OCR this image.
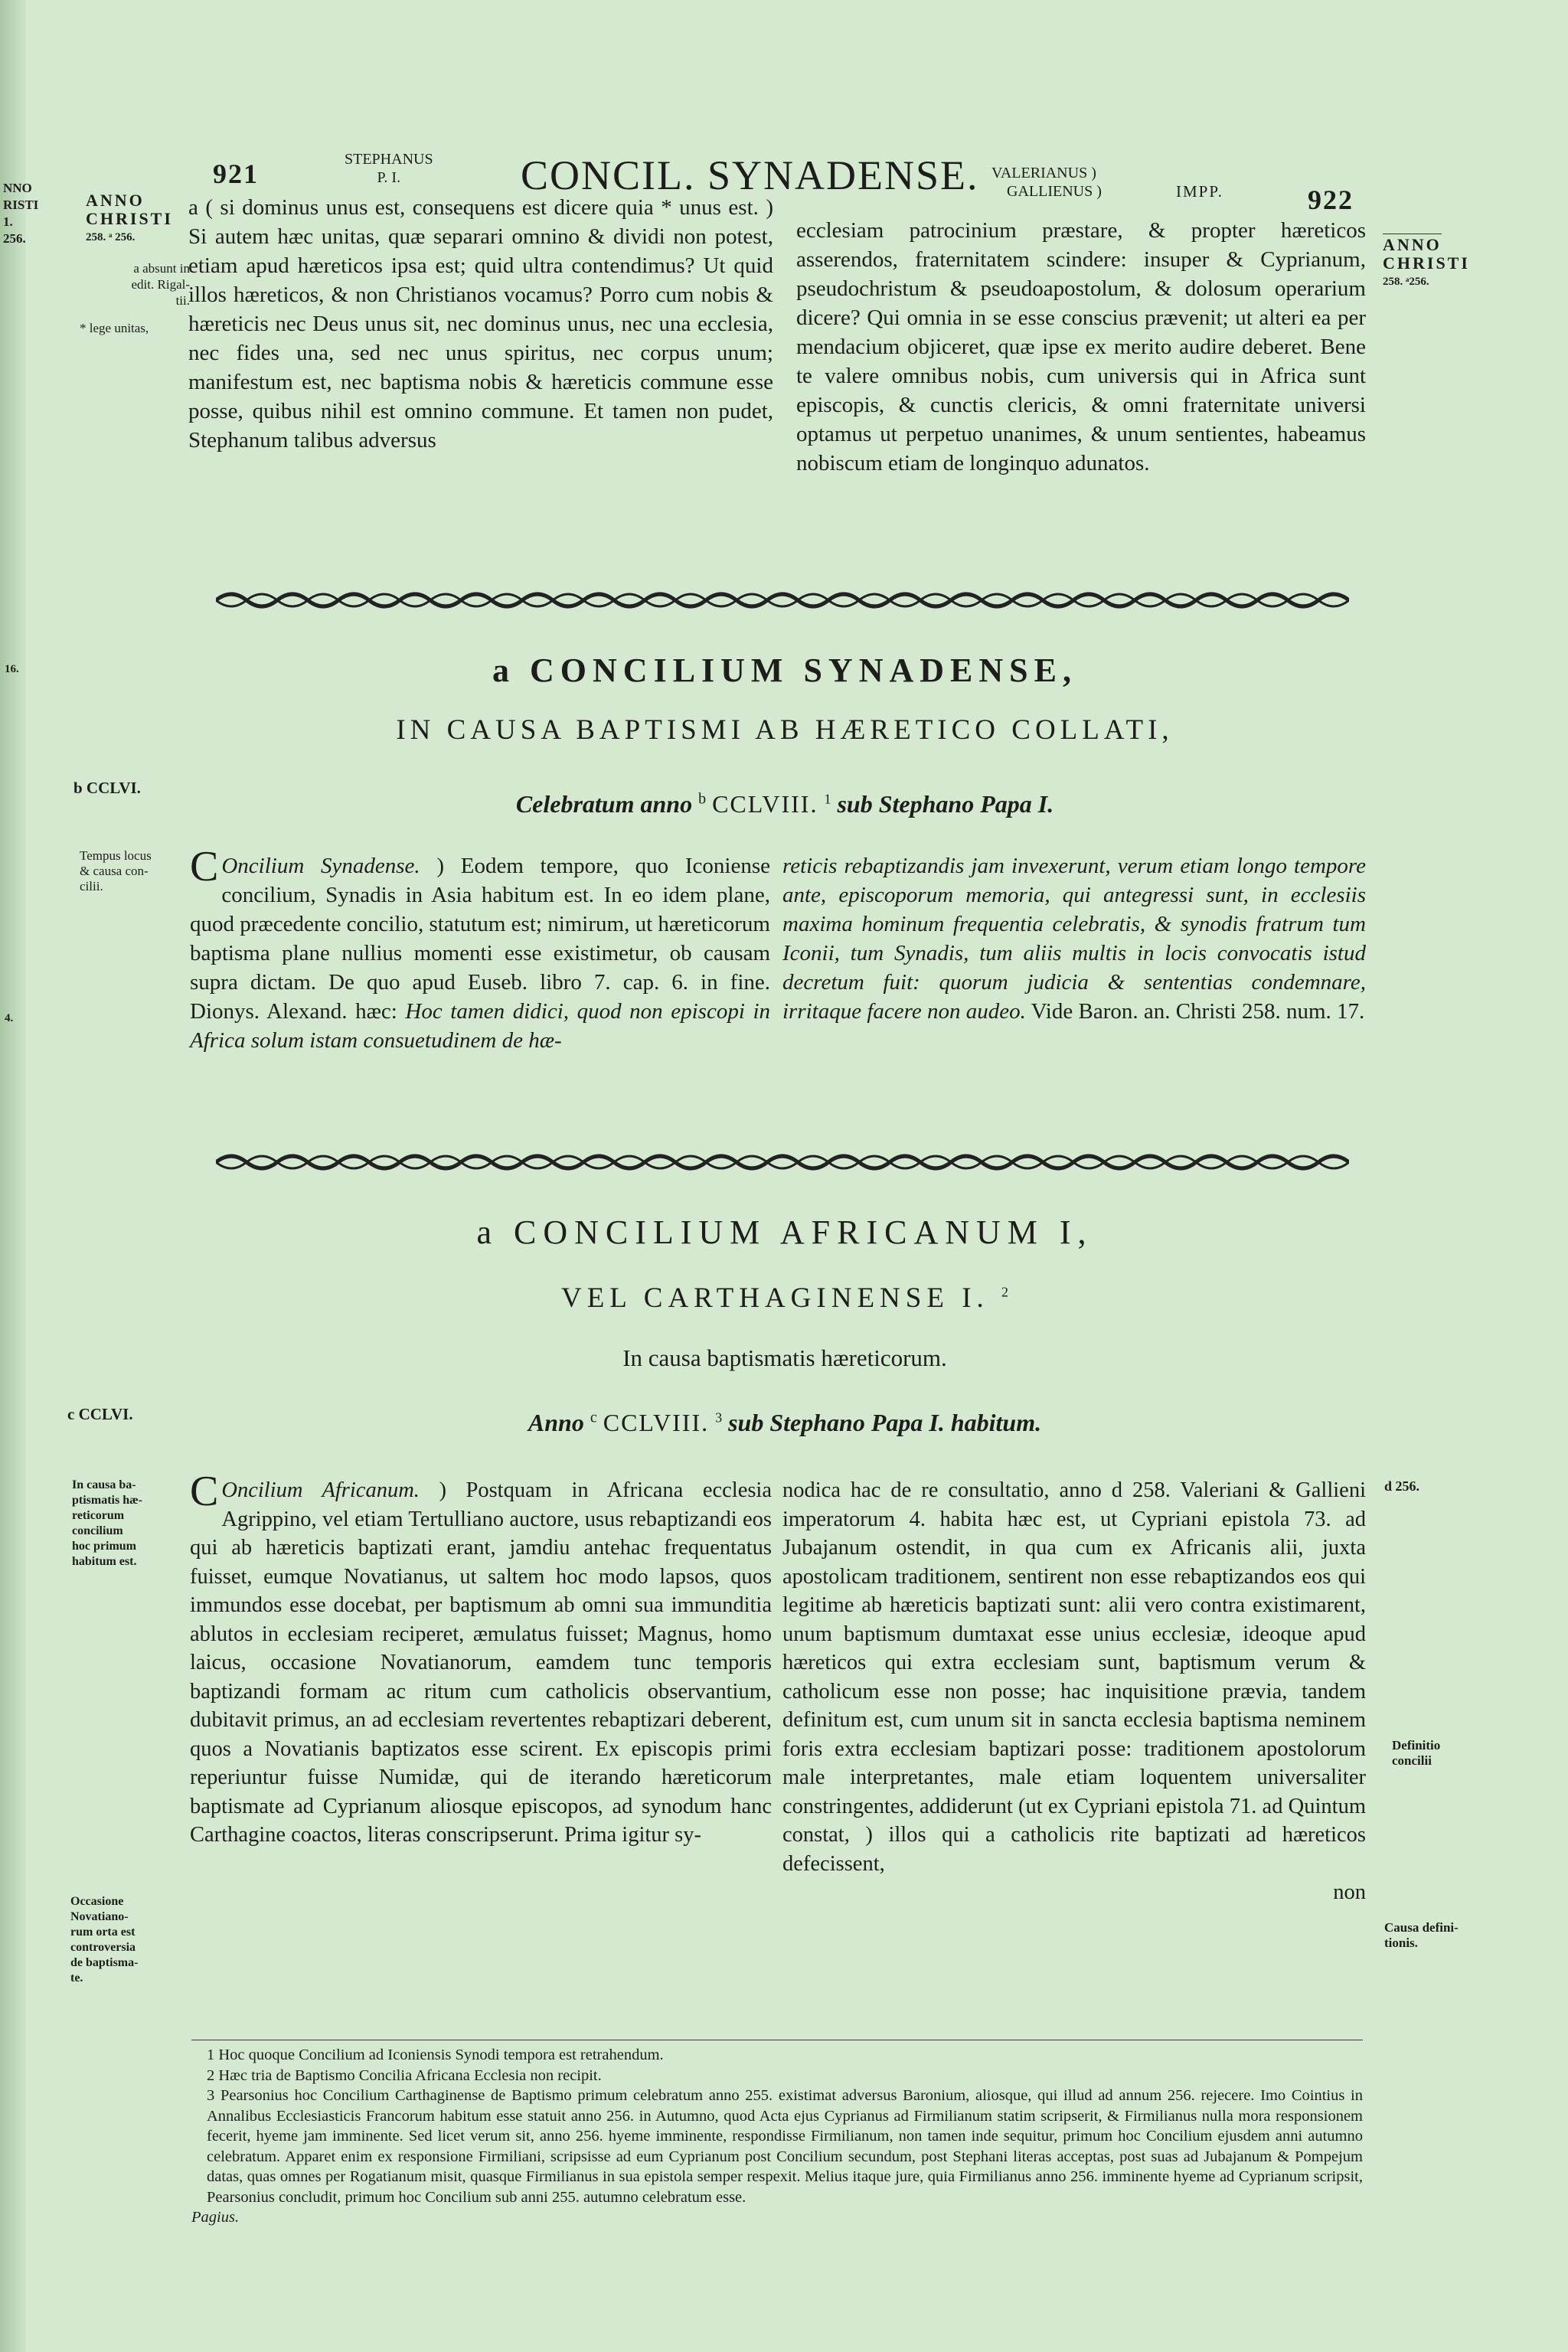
NNO
RISTI
1.
256.
16.
4.
921	STEPHANUS
P. I.	CONCIL. SYNADENSE. VALERIANUS )
GALLIENUS )	IMPP.	922
ANNO
CHRISTI
258. ᵃ 256.
a absunt in
edit. Rigal-
tii.
* lege unitas,
ANNO
CHRISTI
258. ᵃ256.
a ( si dominus unus est, consequens est dicere quia * unus est. ) Si autem hæc unitas, quæ separari omnino & dividi non potest, etiam apud hæreticos ipsa est; quid ultra contendimus? Ut quid illos hæreticos, & non Christianos vocamus? Porro cum nobis & hæreticis nec Deus unus sit, nec dominus unus, nec una ecclesia, nec fides una, sed nec unus spiritus, nec corpus unum; manifestum est, nec baptisma nobis & hæreticis commune esse posse, quibus nihil est omnino commune. Et tamen non pudet, Stephanum talibus adversus
ecclesiam patrocinium præstare, & propter hæreticos asserendos, fraternitatem scindere: insuper & Cyprianum, pseudochristum & pseudoapostolum, & dolosum operarium dicere? Qui omnia in se esse conscius prævenit; ut alteri ea per mendacium objiceret, quæ ipse ex merito audire deberet. Bene te valere omnibus nobis, cum universis qui in Africa sunt episcopis, & cunctis clericis, & omni fraternitate universi optamus ut perpetuo unanimes, & unum sentientes, habeamus nobiscum etiam de longinquo adunatos.
a CONCILIUM SYNADENSE,
IN CAUSA BAPTISMI AB HÆRETICO COLLATI,
Celebratum anno $^b$ CCLVIII. $^1$ sub Stephano Papa I.
b CCLVI.
Tempus locus
& causa con-
cilii.	C Oncilium Synadense. ) Eodem tempore, quo Iconiense concilium, Synadis in Asia habitum est. In eo idem plane, quod præcedente concilio, statutum est; nimirum, ut hæreticorum baptisma plane nullius momenti esse existimetur, ob causam supra dictam. De quo apud Euseb. libro 7. cap. 6. in fine. Dionys. Alexand. hæc: Hoc tamen didici, quod non episcopi in Africa solum istam consuetudinem de hæ-
reticis rebaptizandis jam invexerunt, verum etiam longo tempore ante, episcoporum memoria, qui antegressi sunt, in ecclesiis maxima hominum frequentia celebratis, & synodis fratrum tum Iconii, tum Synadis, tum aliis multis in locis convocatis istud decretum fuit: quorum judicia & sententias condemnare, irritaque facere non audeo. Vide Baron. an. Christi 258. num. 17.
a CONCILIUM AFRICANUM I,
VEL CARTHAGINENSE I. $^2$
In causa baptismatis hæreticorum.
Anno $^c$ CCLVIII. $^3$ sub Stephano Papa I. habitum.
c CCLVI.
In causa ba-
ptismatis hæ-
reticorum
concilium
hoc primum
habitum est.
Occasione
Novatiano-
rum orta est
controversia
de baptisma-
te.
C Oncilium Africanum. ) Postquam in Africana ecclesia Agrippino, vel etiam Tertulliano auctore, usus rebaptizandi eos qui ab hæreticis baptizati erant, jamdiu antehac frequentatus fuisset, eumque Novatianus, ut saltem hoc modo lapsos, quos immundos esse docebat, per baptismum ab omni sua immunditia ablutos in ecclesiam reciperet, æmulatus fuisset; Magnus, homo laicus, occasione Novatianorum, eamdem tunc temporis baptizandi formam ac ritum cum catholicis observantium, dubitavit primus, an ad ecclesiam revertentes rebaptizari deberent, quos a Novatianis baptizatos esse scirent. Ex episcopis primi reperiuntur fuisse Numidæ, qui de iterando hæreticorum baptismate ad Cyprianum aliosque episcopos, ad synodum hanc Carthagine coactos, literas conscripserunt. Prima igitur sy-
nodica hac de re consultatio, anno d 258. Valeriani & Gallieni imperatorum 4. habita hæc est, ut Cypriani epistola 73. ad Jubajanum ostendit, in qua cum ex Africanis alii, juxta apostolicam traditionem, sentirent non esse rebaptizandos eos qui legitime ab hæreticis baptizati sunt: alii vero contra existimarent, unum baptismum dumtaxat esse unius ecclesiæ, ideoque apud hæreticos qui extra ecclesiam sunt, baptismum verum & catholicum esse non posse; hac inquisitione prævia, tandem definitum est, cum unum sit in sancta ecclesia baptisma neminem foris extra ecclesiam baptizari posse: traditionem apostolorum male interpretantes, male etiam loquentem universaliter constringentes, addiderunt (ut ex Cypriani epistola 71. ad Quintum constat, ) illos qui a catholicis rite baptizati ad hæreticos defecissent,
non
d 256.
Definitio
concilii
Causa defini-
tionis.
1 Hoc quoque Concilium ad Iconiensis Synodi tempora est retrahendum.
2 Hæc tria de Baptismo Concilia Africana Ecclesia non recipit.
3 Pearsonius hoc Concilium Carthaginense de Baptismo primum celebratum anno 255. existimat adversus Baronium, aliosque, qui illud ad annum 256. rejecere. Imo Cointius in Annalibus Ecclesiasticis Francorum habitum esse statuit anno 256. in Autumno, quod Acta ejus Cyprianus ad Firmilianum statim scripserit, & Firmilianus nulla mora responsionem fecerit, hyeme jam imminente. Sed licet verum sit, anno 256. hyeme imminente, respondisse Firmilianum, non tamen inde sequitur, primum hoc Concilium ejusdem anni autumno celebratum. Apparet enim ex responsione Firmiliani, scripsisse ad eum Cyprianum post Concilium secundum, post Stephani literas acceptas, post suas ad Jubajanum & Pompejum datas, quas omnes per Rogatianum misit, quasque Firmilianus in sua epistola semper respexit. Melius itaque jure, quia Firmilianus anno 256. imminente hyeme ad Cyprianum scripsit, Pearsonius concludit, primum hoc Concilium sub anni 255. autumno celebratum esse.
Pagius.
